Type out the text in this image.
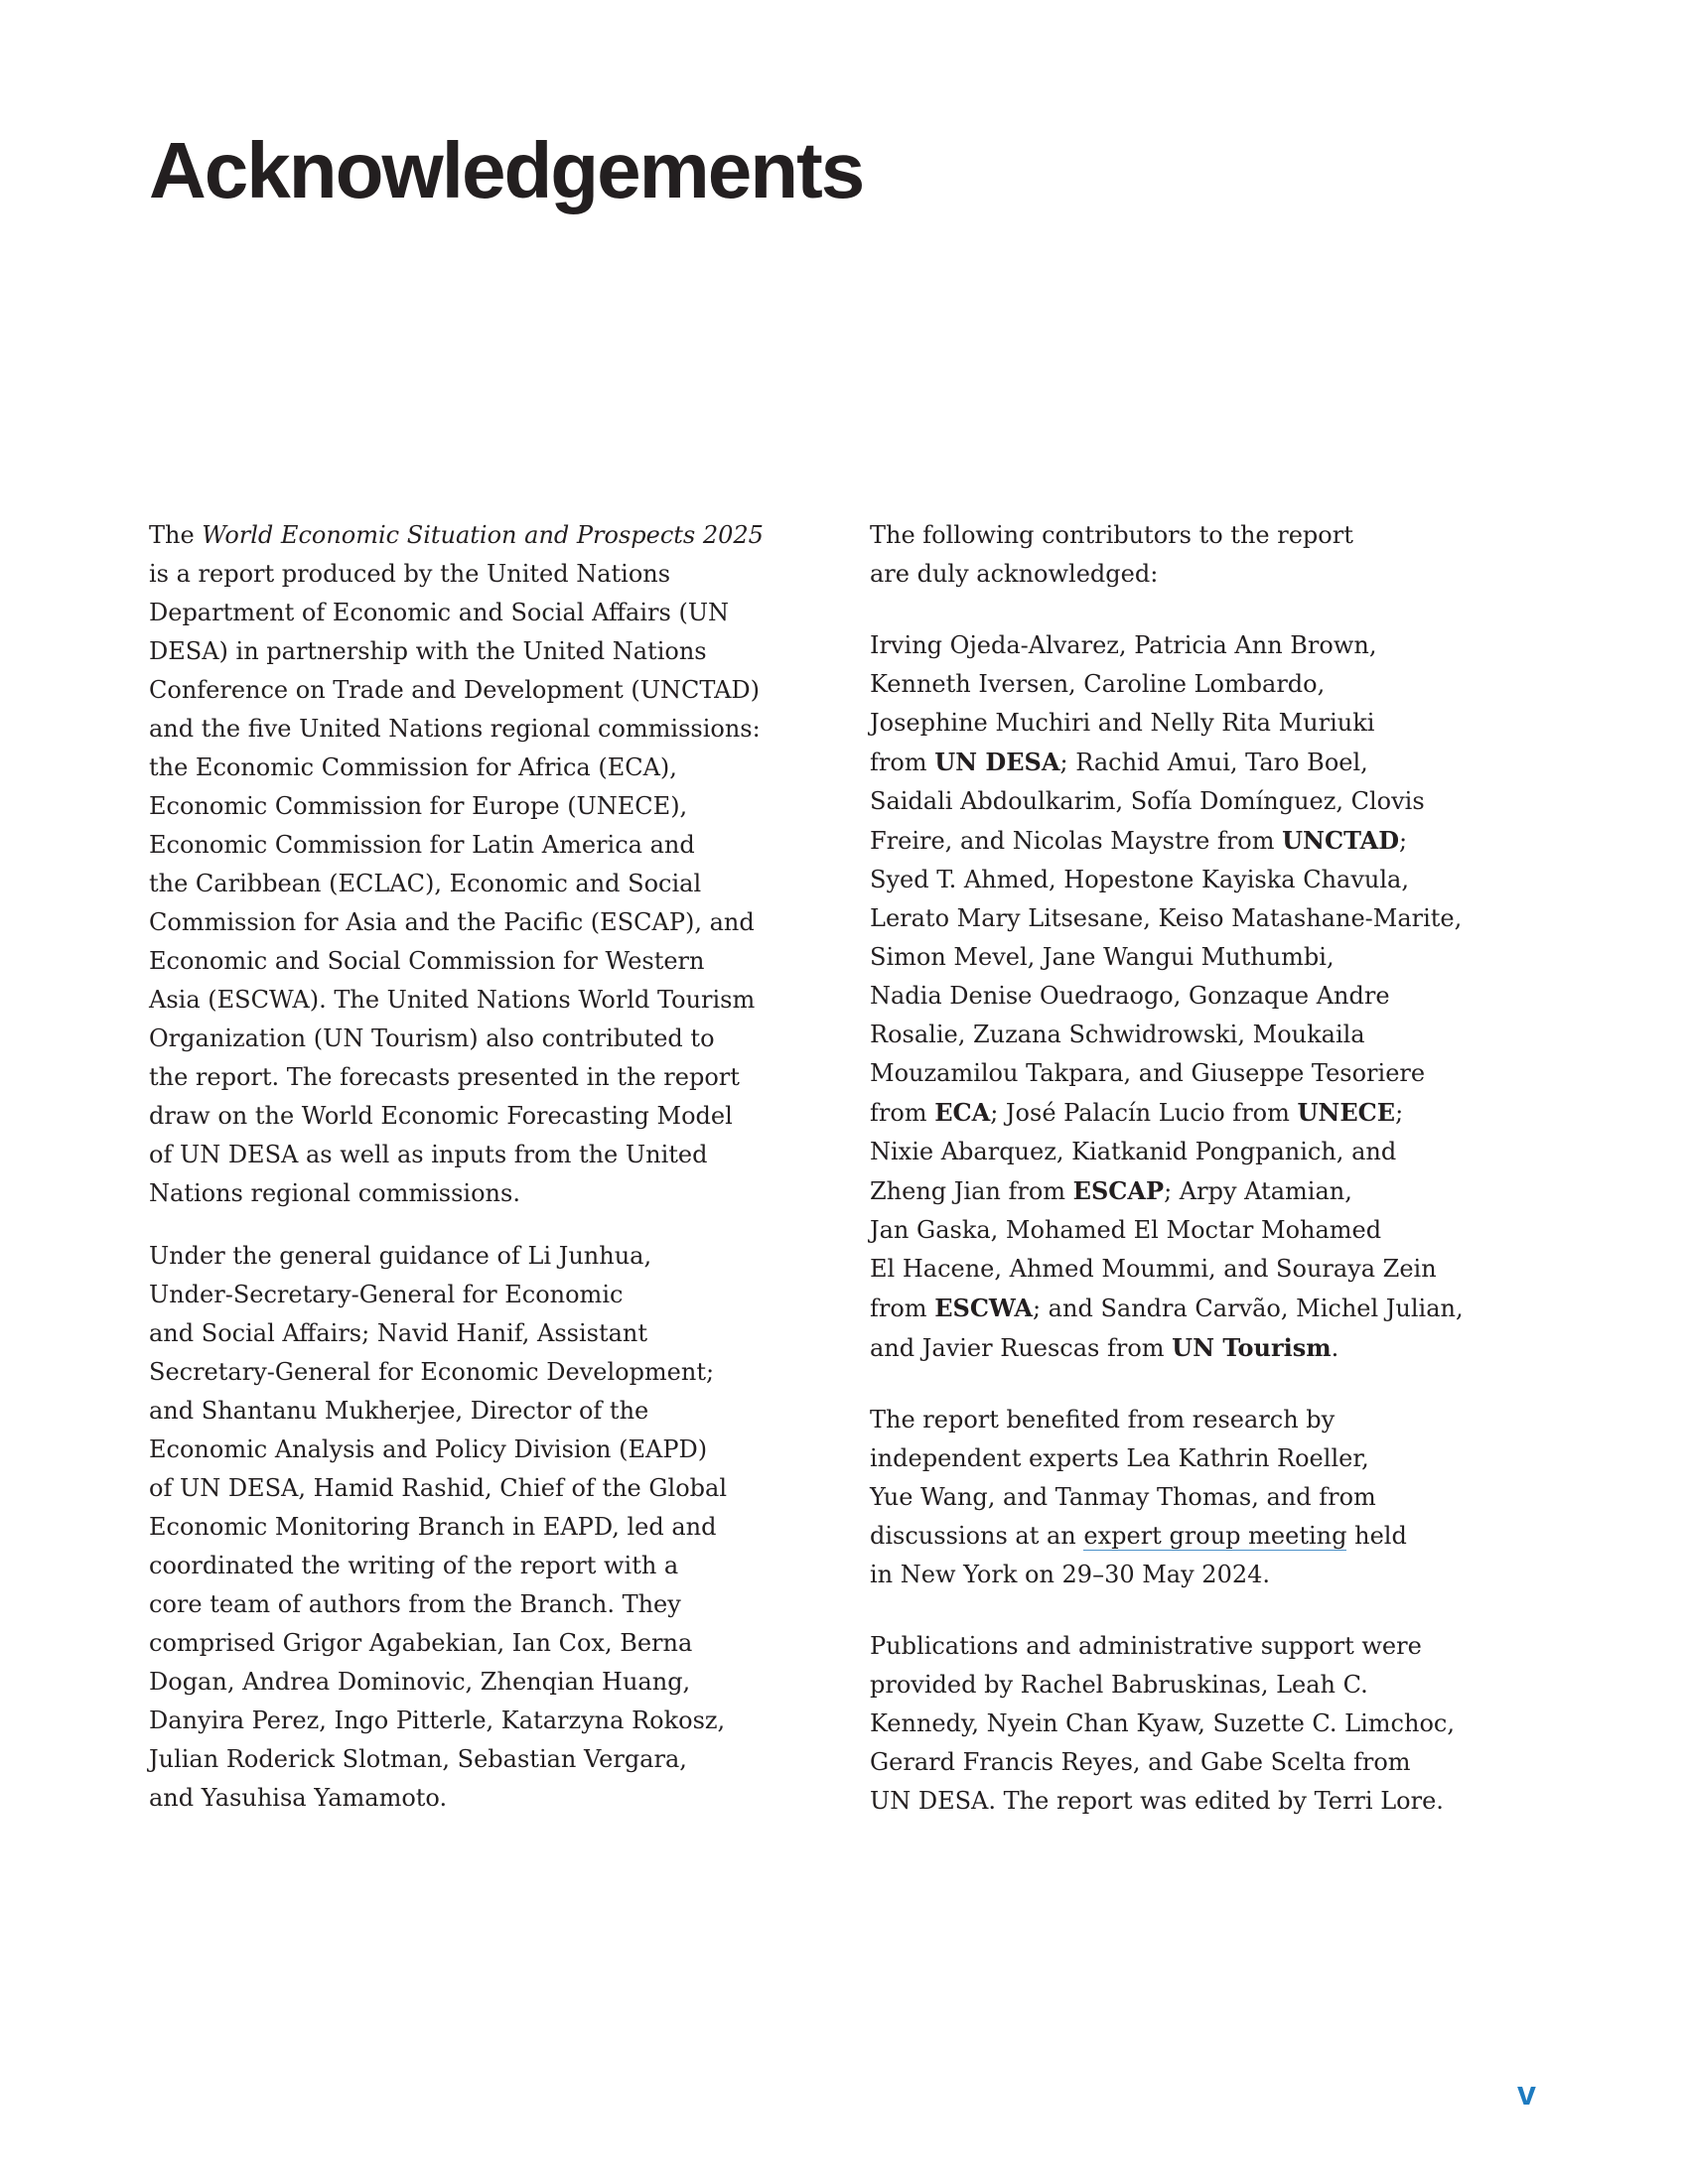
Acknowledgements

The World Economic Situation and Prospects 2025
is a report produced by the United Nations
Department of Economic and Social Affairs (UN
DESA) in partnership with the United Nations
Conference on Trade and Development (UNCTAD)
and the five United Nations regional commissions:
the Economic Commission for Africa (ECA),
Economic Commission for Europe (UNECE),
Economic Commission for Latin America and
the Caribbean (ECLAC), Economic and Social
Commission for Asia and the Pacific (ESCAP), and
Economic and Social Commission for Western
Asia (ESCWA). The United Nations World Tourism
Organization (UN Tourism) also contributed to
the report. The forecasts presented in the report
draw on the World Economic Forecasting Model
of UN DESA as well as inputs from the United
Nations regional commissions.

Under the general guidance of Li Junhua,
Under-Secretary-General for Economic
and Social Affairs; Navid Hanif, Assistant
Secretary-General for Economic Development;
and Shantanu Mukherjee, Director of the
Economic Analysis and Policy Division (EAPD)
of UN DESA, Hamid Rashid, Chief of the Global
Economic Monitoring Branch in EAPD, led and
coordinated the writing of the report with a
core team of authors from the Branch. They
comprised Grigor Agabekian, Ian Cox, Berna
Dogan, Andrea Dominovic, Zhenqian Huang,
Danyira Perez, Ingo Pitterle, Katarzyna Rokosz,
Julian Roderick Slotman, Sebastian Vergara,
and Yasuhisa Yamamoto.

The following contributors to the report
are duly acknowledged:

Irving Ojeda-Alvarez, Patricia Ann Brown,
Kenneth Iversen, Caroline Lombardo,
Josephine Muchiri and Nelly Rita Muriuki
from UN DESA; Rachid Amui, Taro Boel,
Saidali Abdoulkarim, Sofía Domínguez, Clovis
Freire, and Nicolas Maystre from UNCTAD;
Syed T. Ahmed, Hopestone Kayiska Chavula,
Lerato Mary Litsesane, Keiso Matashane-Marite,
Simon Mevel, Jane Wangui Muthumbi,
Nadia Denise Ouedraogo, Gonzaque Andre
Rosalie, Zuzana Schwidrowski, Moukaila
Mouzamilou Takpara, and Giuseppe Tesoriere
from ECA; José Palacín Lucio from UNECE;
Nixie Abarquez, Kiatkanid Pongpanich, and
Zheng Jian from ESCAP; Arpy Atamian,
Jan Gaska, Mohamed El Moctar Mohamed
El Hacene, Ahmed Moummi, and Souraya Zein
from ESCWA; and Sandra Carvão, Michel Julian,
and Javier Ruescas from UN Tourism.

The report benefited from research by
independent experts Lea Kathrin Roeller,
Yue Wang, and Tanmay Thomas, and from
discussions at an expert group meeting held
in New York on 29–30 May 2024.

Publications and administrative support were
provided by Rachel Babruskinas, Leah C.
Kennedy, Nyein Chan Kyaw, Suzette C. Limchoc,
Gerard Francis Reyes, and Gabe Scelta from
UN DESA. The report was edited by Terri Lore.

v
